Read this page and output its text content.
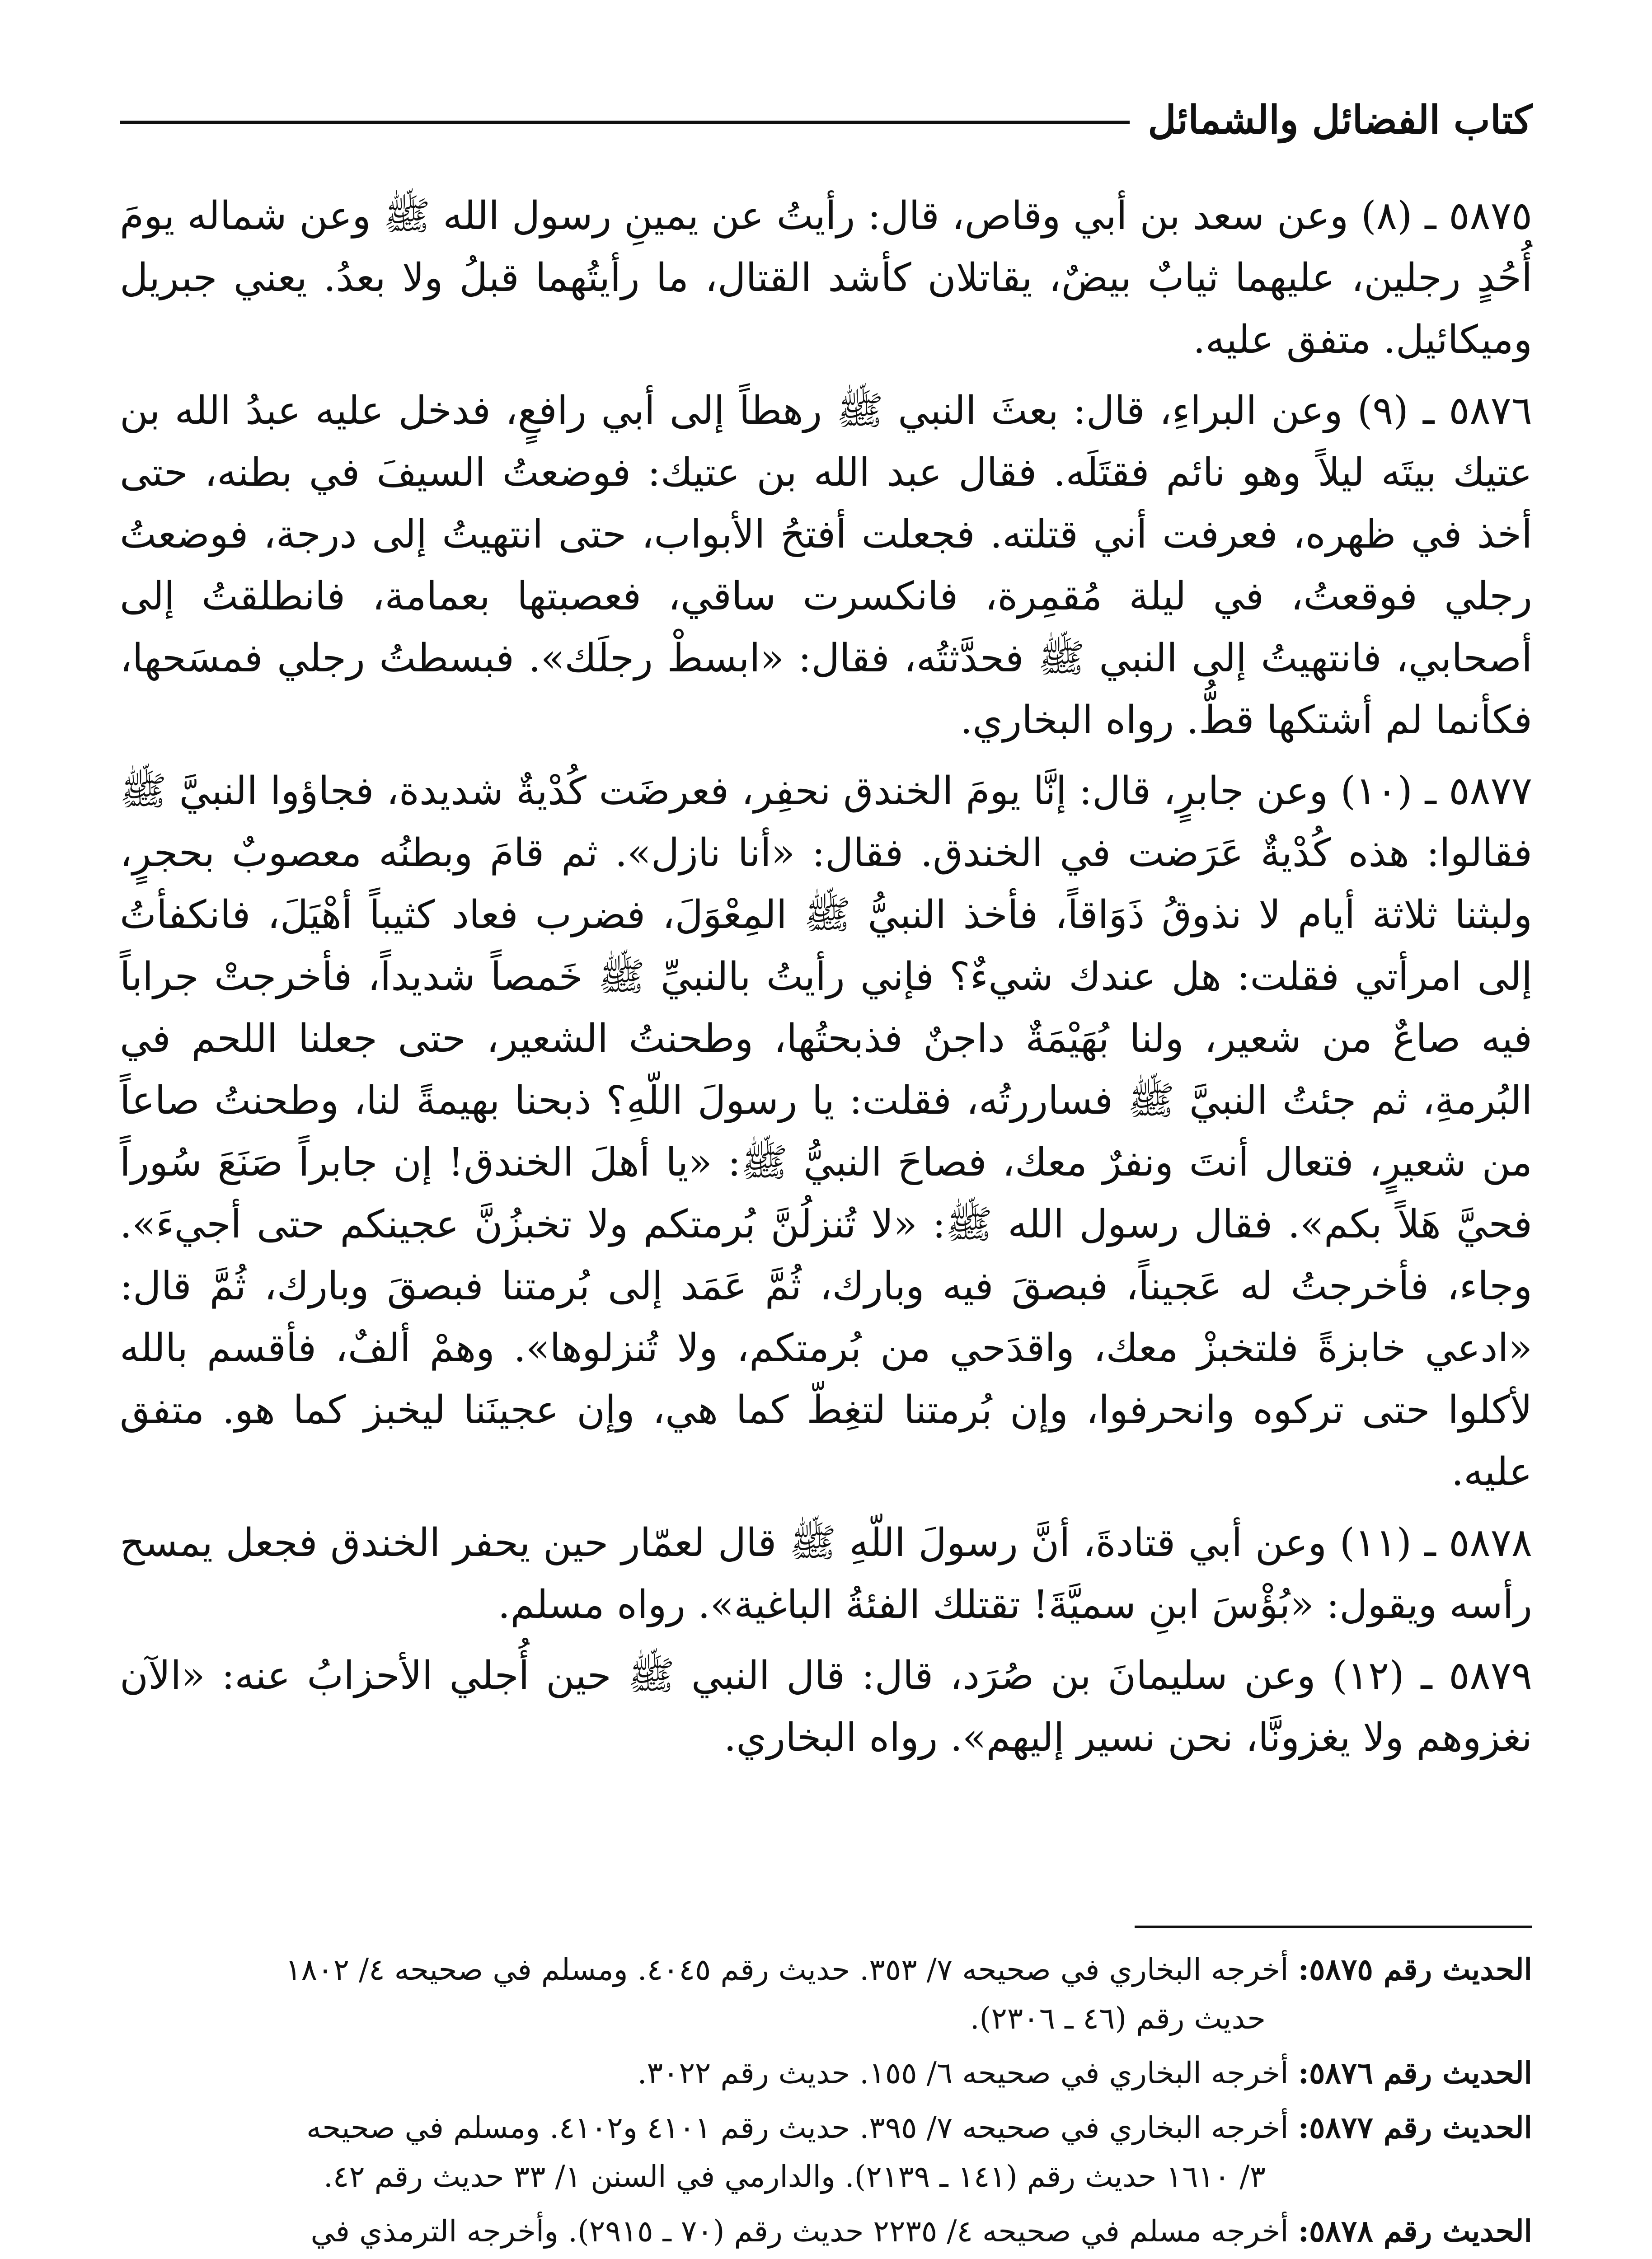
كتاب الفضائل والشمائل

٥٨٧٥ ـ (٨) وعن سعد بن أبي وقاص، قال: رأيتُ عن يمينِ رسول الله ﷺ وعن شماله يومَ أُحُدٍ رجلين، عليهما ثيابٌ بيضٌ، يقاتلان كأشد القتال، ما رأيتُهما قبلُ ولا بعدُ. يعني جبريل وميكائيل. متفق عليه.

٥٨٧٦ ـ (٩) وعن البراءِ، قال: بعثَ النبي ﷺ رهطاً إلى أبي رافعٍ، فدخل عليه عبدُ الله بن عتيك بيتَه ليلاً وهو نائم فقتَلَه. فقال عبد الله بن عتيك: فوضعتُ السيفَ في بطنه، حتى أخذ في ظهره، فعرفت أني قتلته. فجعلت أفتحُ الأبواب، حتى انتهيتُ إلى درجة، فوضعتُ رجلي فوقعتُ، في ليلة مُقمِرة، فانكسرت ساقي، فعصبتها بعمامة، فانطلقتُ إلى أصحابي، فانتهيتُ إلى النبي ﷺ فحدَّثتُه، فقال: «ابسطْ رجلَك». فبسطتُ رجلي فمسَحها، فكأنما لم أشتكها قطُّ. رواه البخاري.

٥٨٧٧ ـ (١٠) وعن جابرٍ، قال: إنَّا يومَ الخندق نحفِر، فعرضَت كُدْيةٌ شديدة، فجاؤوا النبيَّ ﷺ فقالوا: هذه كُدْيةٌ عَرَضت في الخندق. فقال: «أنا نازل». ثم قامَ وبطنُه معصوبٌ بحجرٍ، ولبثنا ثلاثة أيام لا نذوقُ ذَوَاقاً، فأخذ النبيُّ ﷺ المِعْوَلَ، فضرب فعاد كثيباً أهْيَلَ، فانكفأتُ إلى امرأتي فقلت: هل عندك شيءٌ؟ فإني رأيتُ بالنبيِّ ﷺ خَمصاً شديداً، فأخرجتْ جراباً فيه صاعٌ من شعير، ولنا بُهَيْمَةٌ داجنٌ فذبحتُها، وطحنتُ الشعير، حتى جعلنا اللحم في البُرمةِ، ثم جئتُ النبيَّ ﷺ فساررتُه، فقلت: يا رسولَ اللّهِ؟ ذبحنا بهيمةً لنا، وطحنتُ صاعاً من شعيرٍ، فتعال أنتَ ونفرٌ معك، فصاحَ النبيُّ ﷺ: «يا أهلَ الخندق! إن جابراً صَنَعَ سُوراً فحيَّ هَلاً بكم». فقال رسول الله ﷺ: «لا تُنزلُنَّ بُرمتكم ولا تخبزُنَّ عجينكم حتى أجيءَ». وجاء، فأخرجتُ له عَجيناً، فبصقَ فيه وبارك، ثُمَّ عَمَد إلى بُرمتنا فبصقَ وبارك، ثُمَّ قال: «ادعي خابزةً فلتخبزْ معك، واقدَحي من بُرمتكم، ولا تُنزلوها». وهمْ ألفٌ، فأقسم بالله لأكلوا حتى تركوه وانحرفوا، وإن بُرمتنا لتغِطّ كما هي، وإن عجينَنا ليخبز كما هو. متفق عليه.

٥٨٧٨ ـ (١١) وعن أبي قتادةَ، أنَّ رسولَ اللّهِ ﷺ قال لعمّار حين يحفر الخندق فجعل يمسح رأسه ويقول: «بُؤْسَ ابنِ سميَّةَ! تقتلك الفئةُ الباغية». رواه مسلم.

٥٨٧٩ ـ (١٢) وعن سليمانَ بن صُرَد، قال: قال النبي ﷺ حين أُجلي الأحزابُ عنه: «الآن نغزوهم ولا يغزونَّا، نحن نسير إليهم». رواه البخاري.

الحديث رقم ٥٨٧٥: أخرجه البخاري في صحيحه ٧/ ٣٥٣. حديث رقم ٤٠٤٥. ومسلم في صحيحه ٤/ ١٨٠٢
حديث رقم (٤٦ ـ ٢٣٠٦).

الحديث رقم ٥٨٧٦: أخرجه البخاري في صحيحه ٦/ ١٥٥. حديث رقم ٣٠٢٢.

الحديث رقم ٥٨٧٧: أخرجه البخاري في صحيحه ٧/ ٣٩٥. حديث رقم ٤١٠١ و٤١٠٢. ومسلم في صحيحه
٣/ ١٦١٠ حديث رقم (١٤١ ـ ٢١٣٩). والدارمي في السنن ١/ ٣٣ حديث رقم ٤٢.

الحديث رقم ٥٨٧٨: أخرجه مسلم في صحيحه ٤/ ٢٢٣٥ حديث رقم (٧٠ ـ ٢٩١٥). وأخرجه الترمذي في
